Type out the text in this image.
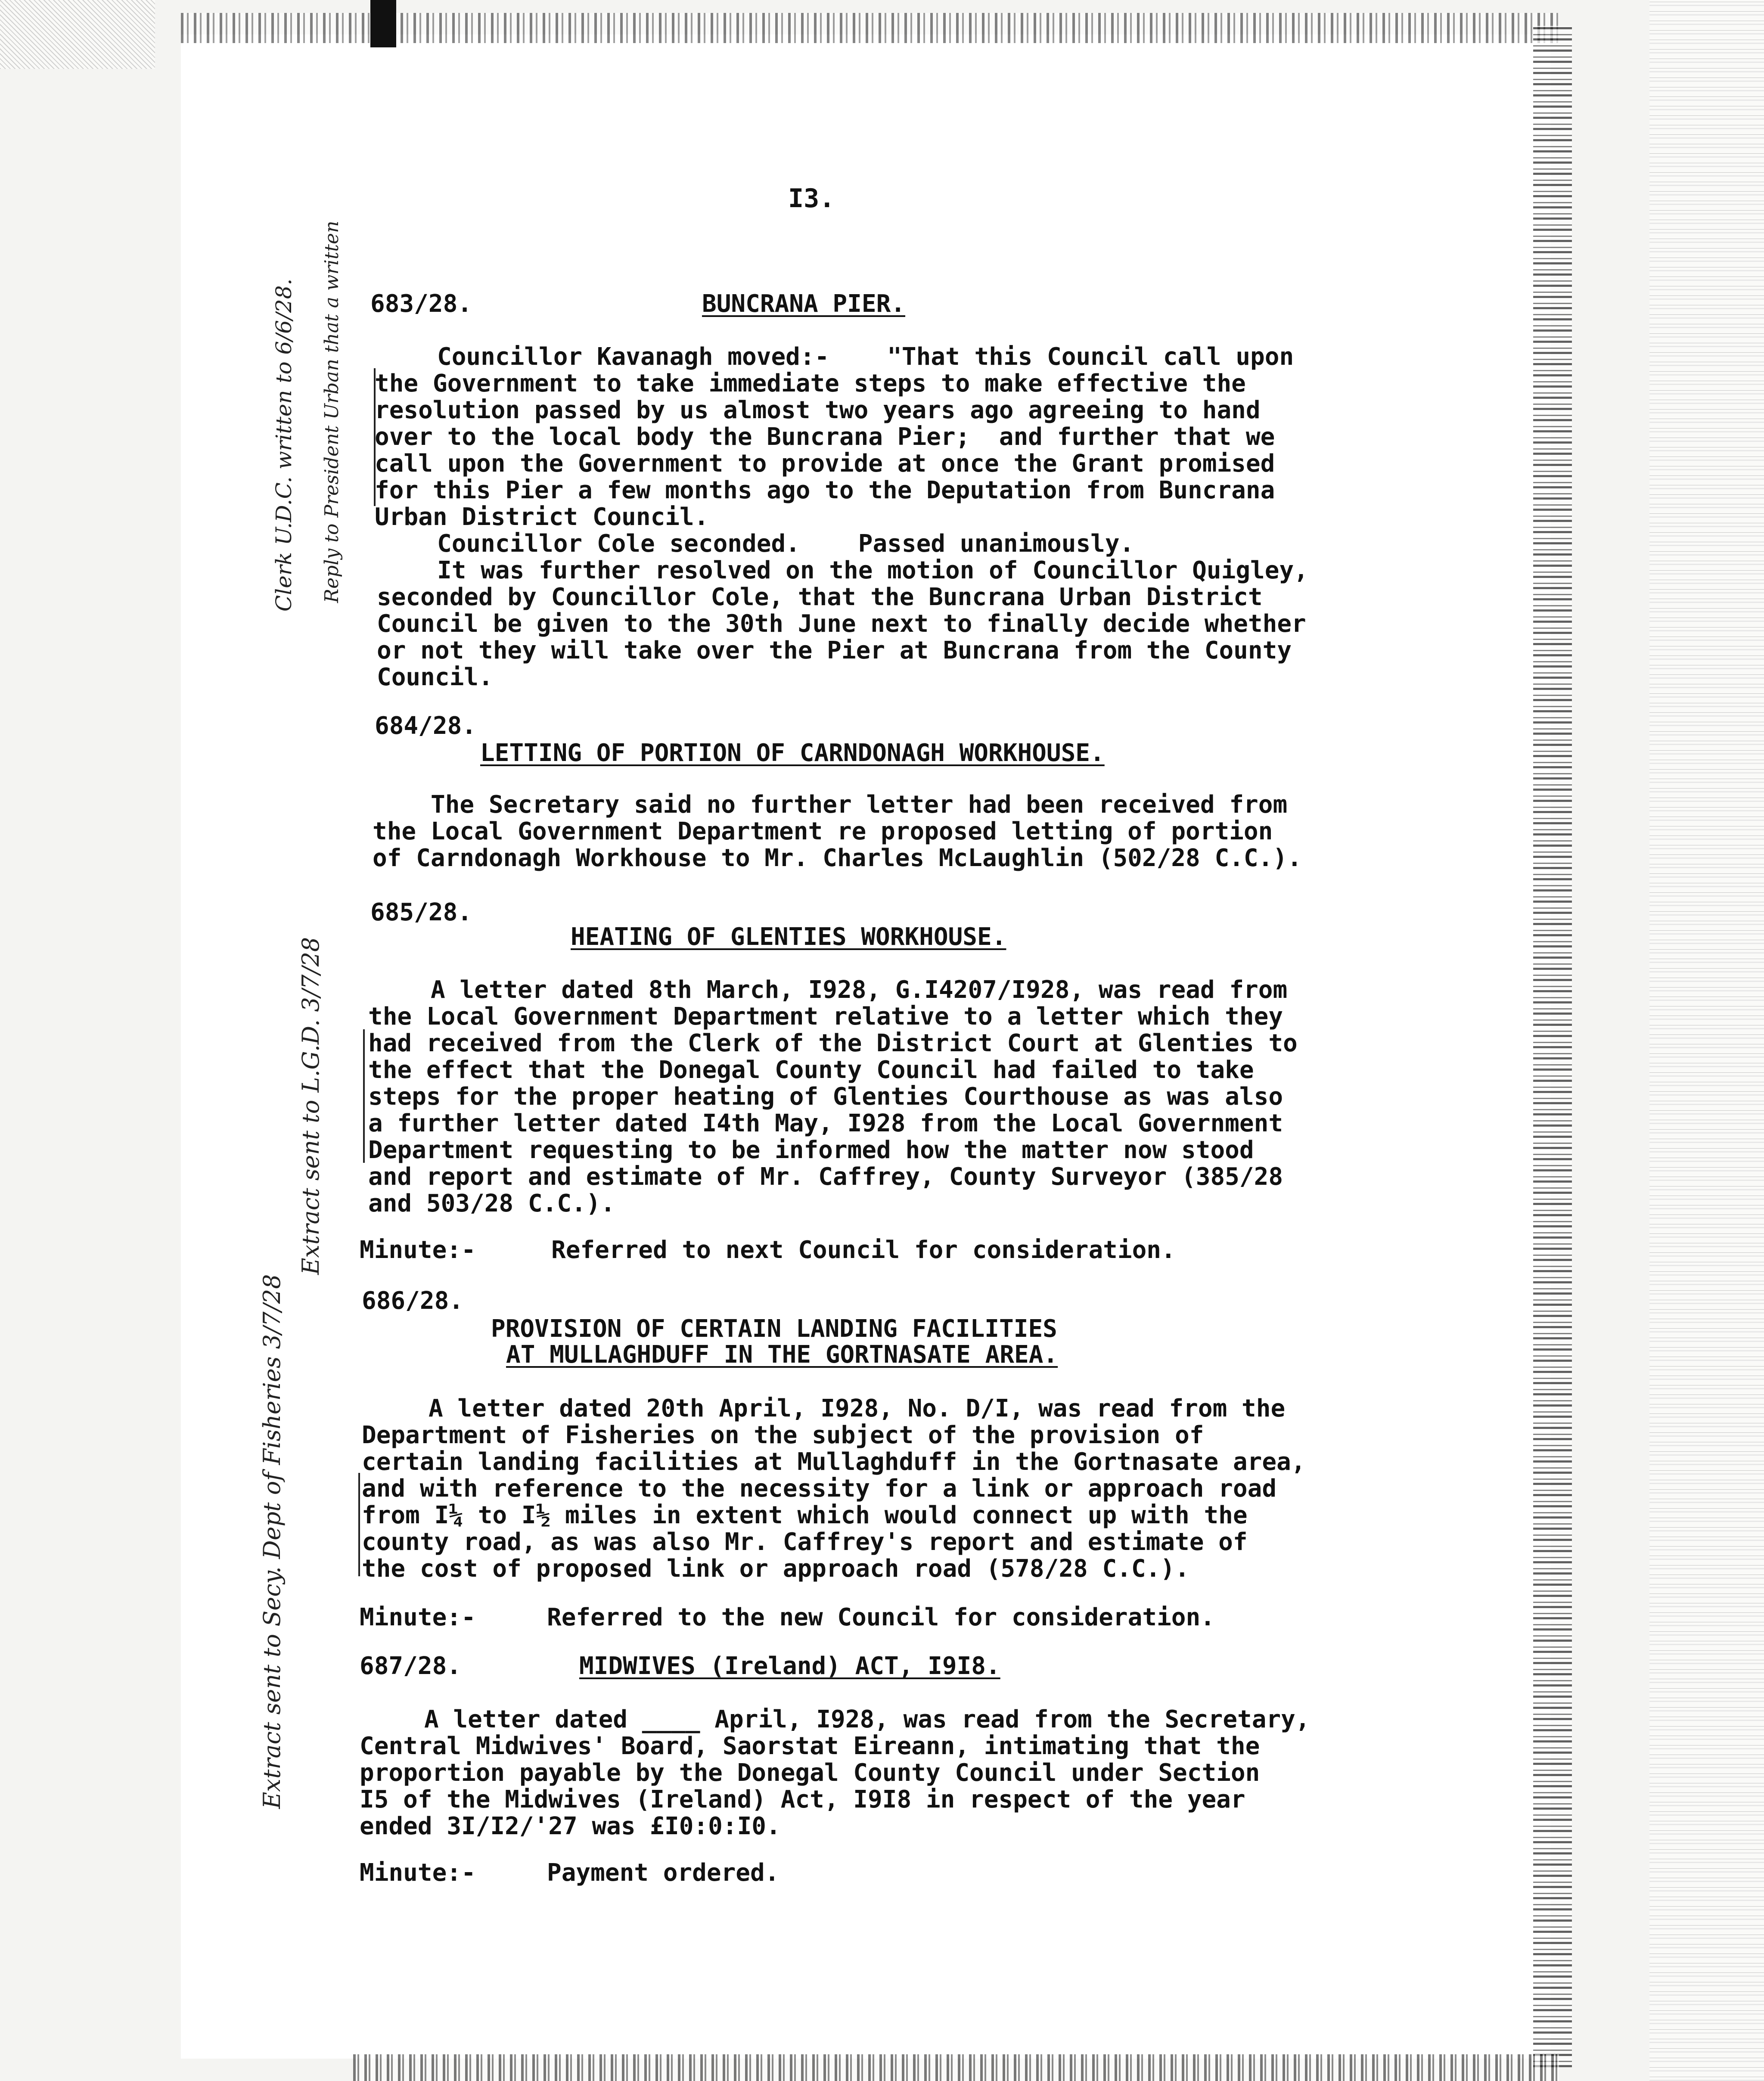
I3.
683/28.	BUNCRANA PIER.
Councillor Kavanagh moved:-    "That this Council call upon
the Government to take immediate steps to make effective the
resolution passed by us almost two years ago agreeing to hand
over to the local body the Buncrana Pier;  and further that we
call upon the Government to provide at once the Grant promised
for this Pier a few months ago to the Deputation from Buncrana
Urban District Council.
Councillor Cole seconded.    Passed unanimously.
It was further resolved on the motion of Councillor Quigley,
seconded by Councillor Cole, that the Buncrana Urban District
Council be given to the 30th June next to finally decide whether
or not they will take over the Pier at Buncrana from the County
Council.
684/28.
LETTING OF PORTION OF CARNDONAGH WORKHOUSE.
The Secretary said no further letter had been received from
the Local Government Department re proposed letting of portion
of Carndonagh Workhouse to Mr. Charles McLaughlin (502/28 C.C.).
685/28.
HEATING OF GLENTIES WORKHOUSE.
A letter dated 8th March, I928, G.I4207/I928, was read from
the Local Government Department relative to a letter which they
had received from the Clerk of the District Court at Glenties to
the effect that the Donegal County Council had failed to take
steps for the proper heating of Glenties Courthouse as was also
a further letter dated I4th May, I928 from the Local Government
Department requesting to be informed how the matter now stood
and report and estimate of Mr. Caffrey, County Surveyor (385/28
and 503/28 C.C.).
Minute:-	Referred to next Council for consideration.
686/28.
PROVISION OF CERTAIN LANDING FACILITIES
AT MULLAGHDUFF IN THE GORTNASATE AREA.
A letter dated 20th April, I928, No. D/I, was read from the
Department of Fisheries on the subject of the provision of
certain landing facilities at Mullaghduff in the Gortnasate area,
and with reference to the necessity for a link or approach road
from I¼ to I½ miles in extent which would connect up with the
county road, as was also Mr. Caffrey's report and estimate of
the cost of proposed link or approach road (578/28 C.C.).
Minute:-	Referred to the new Council for consideration.
687/28.	MIDWIVES (Ireland) ACT, I9I8.
A letter dated ____ April, I928, was read from the Secretary,
Central Midwives' Board, Saorstat Eireann, intimating that the
proportion payable by the Donegal County Council under Section
I5 of the Midwives (Ireland) Act, I9I8 in respect of the year
ended 3I/I2/'27 was £I0:0:I0.
Minute:-	Payment ordered.
Clerk U.D.C. written to 6/6/28. Reply to President Urban that a written
Extract sent to L.G.D. 3/7/28
Extract sent to Secy. Dept of Fisheries 3/7/28
